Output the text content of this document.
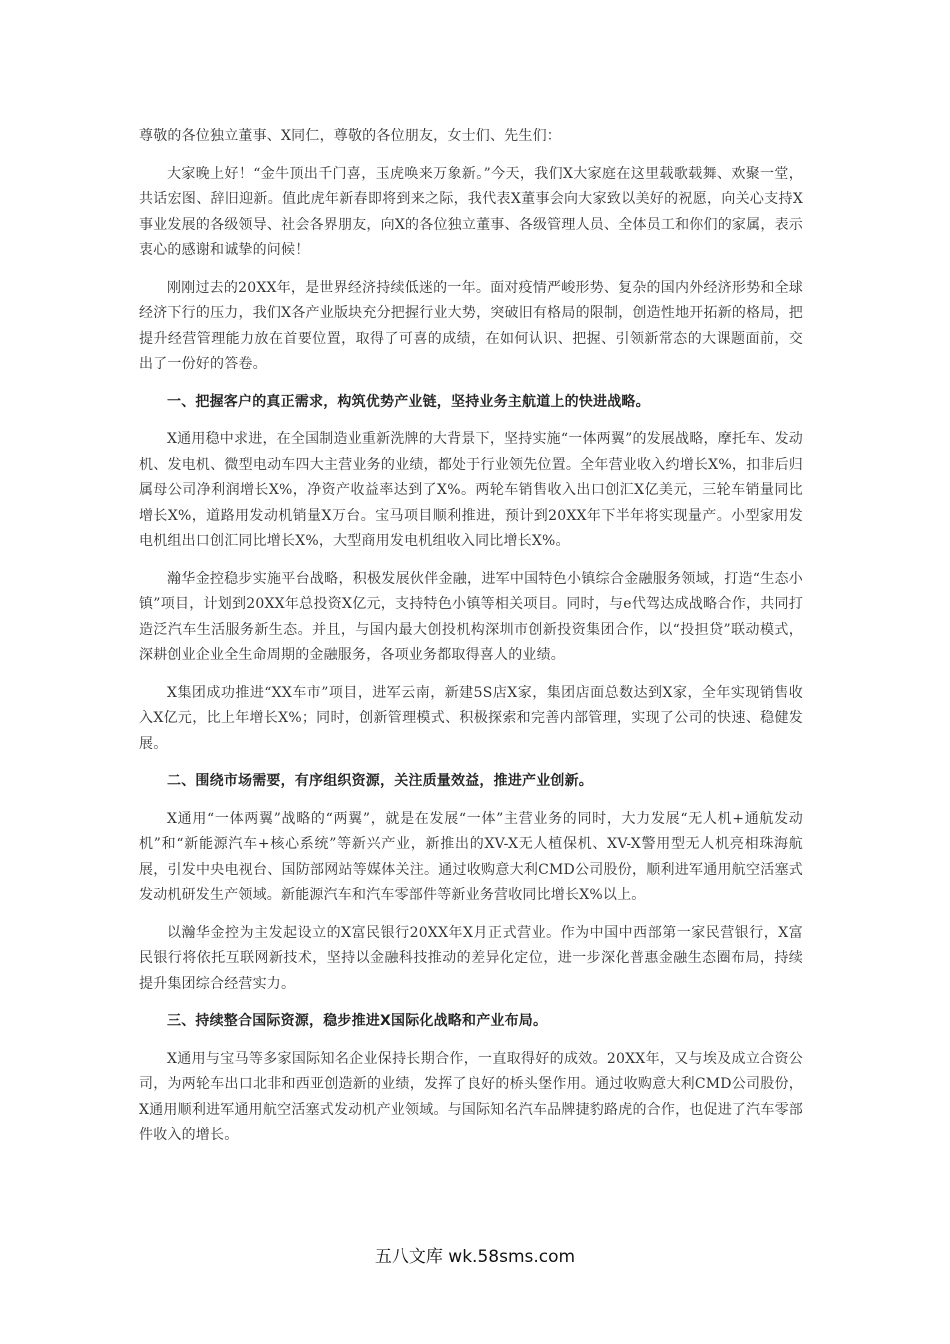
尊敬的各位独立董事、X同仁，尊敬的各位朋友，女士们、先生们：

大家晚上好！“金牛顶出千门喜，玉虎唤来万象新。”今天，我们X大家庭在这里载歌载舞、欢聚一堂，共话宏图、辞旧迎新。值此虎年新春即将到来之际，我代表X董事会向大家致以美好的祝愿，向关心支持X事业发展的各级领导、社会各界朋友，向X的各位独立董事、各级管理人员、全体员工和你们的家属，表示衷心的感谢和诚挚的问候！

刚刚过去的20XX年，是世界经济持续低迷的一年。面对疫情严峻形势、复杂的国内外经济形势和全球经济下行的压力，我们X各产业版块充分把握行业大势，突破旧有格局的限制，创造性地开拓新的格局，把提升经营管理能力放在首要位置，取得了可喜的成绩，在如何认识、把握、引领新常态的大课题面前，交出了一份好的答卷。

一、把握客户的真正需求，构筑优势产业链，坚持业务主航道上的快进战略。

X通用稳中求进，在全国制造业重新洗牌的大背景下，坚持实施“一体两翼”的发展战略，摩托车、发动机、发电机、微型电动车四大主营业务的业绩，都处于行业领先位置。全年营业收入约增长X%，扣非后归属母公司净利润增长X%，净资产收益率达到了X%。两轮车销售收入出口创汇X亿美元，三轮车销量同比增长X%，道路用发动机销量X万台。宝马项目顺利推进，预计到20XX年下半年将实现量产。小型家用发电机组出口创汇同比增长X%，大型商用发电机组收入同比增长X%。

瀚华金控稳步实施平台战略，积极发展伙伴金融，进军中国特色小镇综合金融服务领域，打造“生态小镇”项目，计划到20XX年总投资X亿元，支持特色小镇等相关项目。同时，与e代驾达成战略合作，共同打造泛汽车生活服务新生态。并且，与国内最大创投机构深圳市创新投资集团合作，以“投担贷”联动模式，深耕创业企业全生命周期的金融服务，各项业务都取得喜人的业绩。

X集团成功推进“XX车市”项目，进军云南，新建5S店X家，集团店面总数达到X家，全年实现销售收入X亿元，比上年增长X%；同时，创新管理模式、积极探索和完善内部管理，实现了公司的快速、稳健发展。

二、围绕市场需要，有序组织资源，关注质量效益，推进产业创新。

X通用“一体两翼”战略的“两翼”，就是在发展“一体”主营业务的同时，大力发展“无人机+通航发动机”和“新能源汽车+核心系统”等新兴产业，新推出的XV-X无人植保机、XV-X警用型无人机亮相珠海航展，引发中央电视台、国防部网站等媒体关注。通过收购意大利CMD公司股份，顺利进军通用航空活塞式发动机研发生产领域。新能源汽车和汽车零部件等新业务营收同比增长X%以上。

以瀚华金控为主发起设立的X富民银行20XX年X月正式营业。作为中国中西部第一家民营银行，X富民银行将依托互联网新技术，坚持以金融科技推动的差异化定位，进一步深化普惠金融生态圈布局，持续提升集团综合经营实力。

三、持续整合国际资源，稳步推进X国际化战略和产业布局。

X通用与宝马等多家国际知名企业保持长期合作，一直取得好的成效。20XX年，又与埃及成立合资公司，为两轮车出口北非和西亚创造新的业绩，发挥了良好的桥头堡作用。通过收购意大利CMD公司股份，X通用顺利进军通用航空活塞式发动机产业领域。与国际知名汽车品牌捷豹路虎的合作，也促进了汽车零部件收入的增长。

五八文库 wk.58sms.com
